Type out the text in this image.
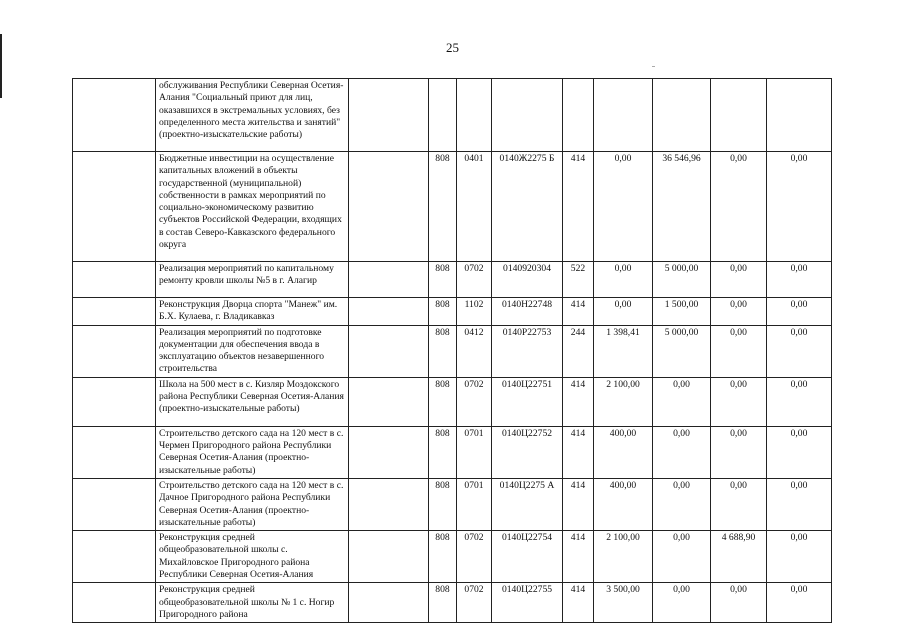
25
	обслуживания Республики Северная Осетия-Алания "Социальный приют для лиц, оказавшихся в экстремальных условиях, без определенного места жительства и занятий" (проектно-изыскательские работы)									
	Бюджетные инвестиции на осуществление капитальных вложений в объекты государственной (муниципальной) собственности в рамках мероприятий по социально-экономическому развитию субъектов Российской Федерации, входящих в состав Северо-Кавказского федерального округа		808	0401	0140Ж2275 Б	414	0,00	36 546,96	0,00	0,00
	Реализация мероприятий по капитальному ремонту кровли школы №5 в г. Алагир		808	0702	0140920304	522	0,00	5 000,00	0,00	0,00
	Реконструкция Дворца спорта "Манеж" им. Б.Х. Кулаева, г. Владикавказ		808	1102	0140Н22748	414	0,00	1 500,00	0,00	0,00
	Реализация мероприятий по подготовке документации для обеспечения ввода в эксплуатацию объектов незавершенного строительства		808	0412	0140Р22753	244	1 398,41	5 000,00	0,00	0,00
	Школа на 500 мест в с. Кизляр Моздокского района Республики Северная Осетия-Алания (проектно-изыскательные работы)		808	0702	0140Ц22751	414	2 100,00	0,00	0,00	0,00
	Строительство детского сада на 120 мест в с. Чермен Пригородного района Республики Северная Осетия-Алания (проектно-изыскательные работы)		808	0701	0140Ц22752	414	400,00	0,00	0,00	0,00
	Строительство детского сада на 120 мест в с. Дачное Пригородного района Республики Северная Осетия-Алания (проектно-изыскательные работы)		808	0701	0140Ц2275 А	414	400,00	0,00	0,00	0,00
	Реконструкция средней общеобразовательной школы с. Михайловское Пригородного района Республики Северная Осетия-Алания		808	0702	0140Ц22754	414	2 100,00	0,00	4 688,90	0,00
	Реконструкция средней общеобразовательной школы № 1 с. Ногир Пригородного района		808	0702	0140Ц22755	414	3 500,00	0,00	0,00	0,00
